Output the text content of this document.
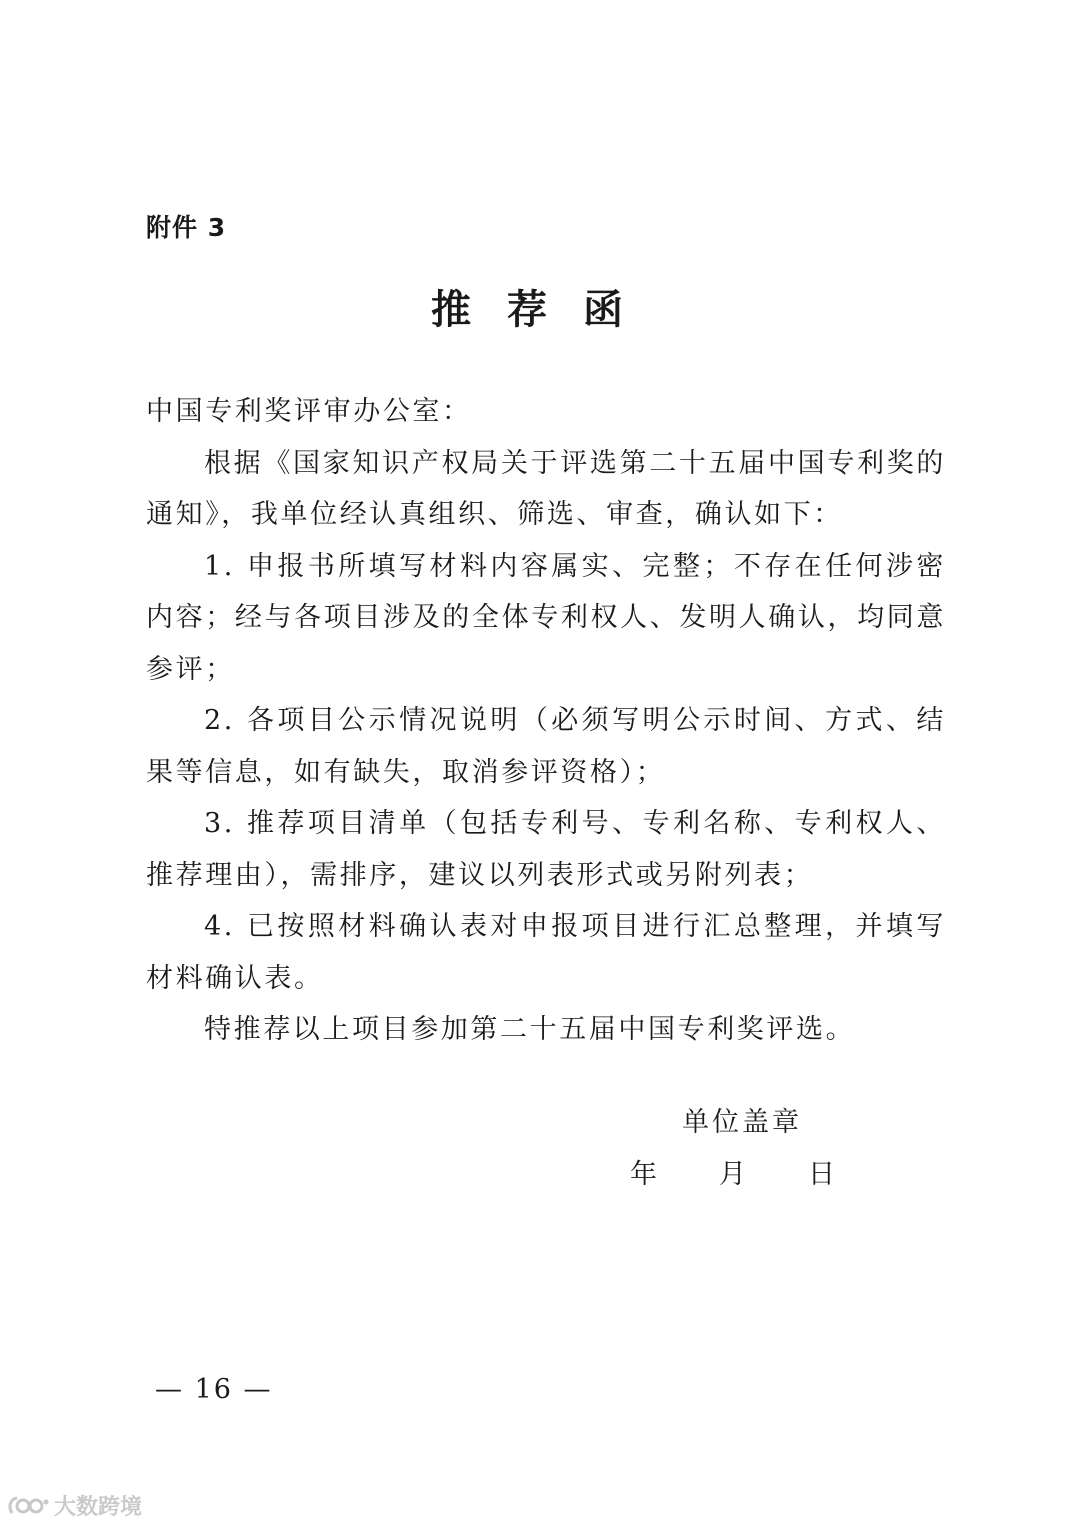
附件 3
推荐函

中国专利奖评审办公室：

根据《国家知识产权局关于评选第二十五届中国专利奖的通知》，我单位经认真组织、筛选、审查，确认如下：

1. 申报书所填写材料内容属实、完整；不存在任何涉密内容；经与各项目涉及的全体专利权人、发明人确认，均同意参评；

2. 各项目公示情况说明（必须写明公示时间、方式、结果等信息，如有缺失，取消参评资格）；

3. 推荐项目清单（包括专利号、专利名称、专利权人、推荐理由），需排序，建议以列表形式或另附列表；

4. 已按照材料确认表对申报项目进行汇总整理，并填写材料确认表。

特推荐以上项目参加第二十五届中国专利奖评选。

单位盖章
年 月 日
— 16 —
大数跨境
